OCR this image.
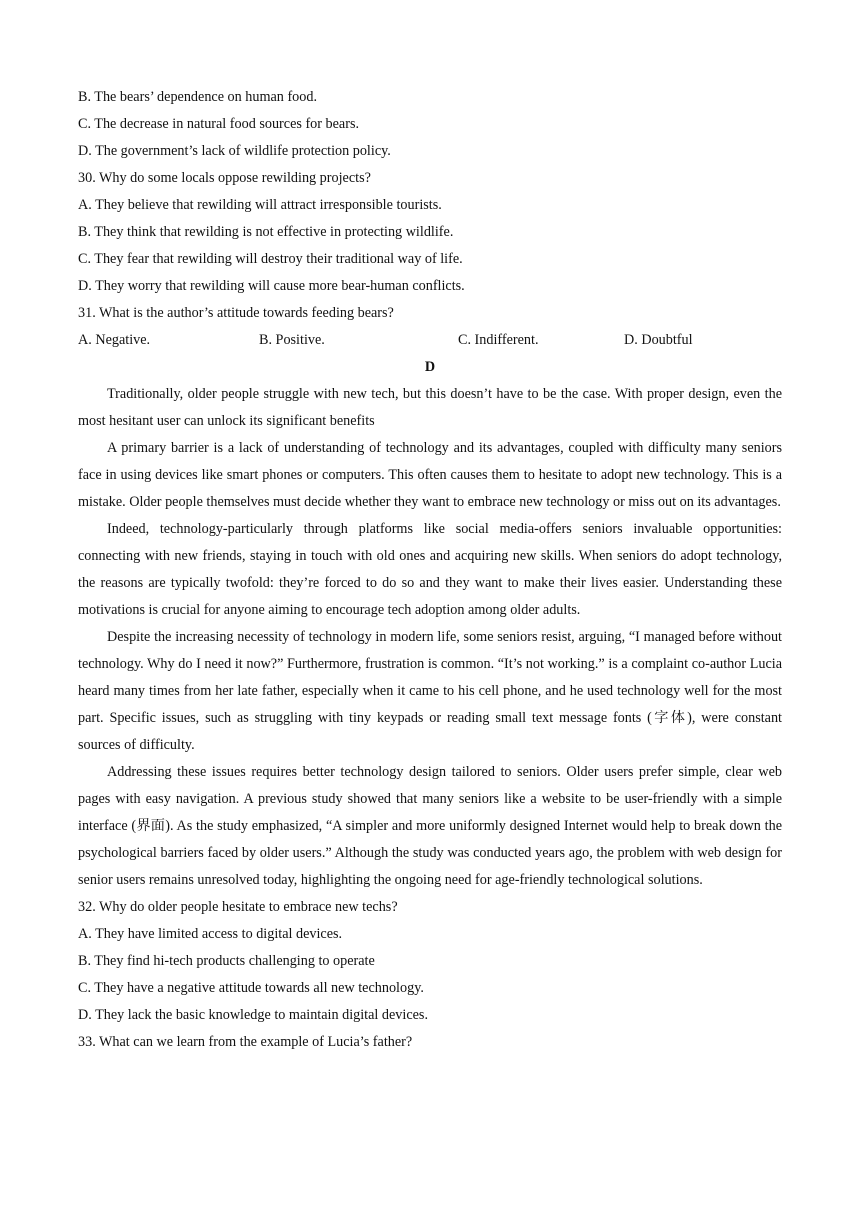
B. The bears’ dependence on human food.

C. The decrease in natural food sources for bears.

D. The government’s lack of wildlife protection policy.

30. Why do some locals oppose rewilding projects?

A. They believe that rewilding will attract irresponsible tourists.

B. They think that rewilding is not effective in protecting wildlife.

C. They fear that rewilding will destroy their traditional way of life.

D. They worry that rewilding will cause more bear-human conflicts.

31. What is the author’s attitude towards feeding bears?

A. Negative.	B. Positive.	C. Indifferent.	D. Doubtful

D

Traditionally, older people struggle with new tech, but this doesn’t have to be the case. With proper design, even the most hesitant user can unlock its significant benefits

A primary barrier is a lack of understanding of technology and its advantages, coupled with difficulty many seniors face in using devices like smart phones or computers. This often causes them to hesitate to adopt new technology. This is a mistake. Older people themselves must decide whether they want to embrace new technology or miss out on its advantages.

Indeed, technology-particularly through platforms like social media-offers seniors invaluable opportunities: connecting with new friends, staying in touch with old ones and acquiring new skills. When seniors do adopt technology, the reasons are typically twofold: they’re forced to do so and they want to make their lives easier. Understanding these motivations is crucial for anyone aiming to encourage tech adoption among older adults.

Despite the increasing necessity of technology in modern life, some seniors resist, arguing, “I managed before without technology. Why do I need it now?” Furthermore, frustration is common. “It’s not working.” is a complaint co-author Lucia heard many times from her late father, especially when it came to his cell phone, and he used technology well for the most part. Specific issues, such as struggling with tiny keypads or reading small text message fonts (字体), were constant sources of difficulty.

Addressing these issues requires better technology design tailored to seniors. Older users prefer simple, clear web pages with easy navigation. A previous study showed that many seniors like a website to be user-friendly with a simple interface (界面). As the study emphasized, “A simpler and more uniformly designed Internet would help to break down the psychological barriers faced by older users.” Although the study was conducted years ago, the problem with web design for senior users remains unresolved today, highlighting the ongoing need for age-friendly technological solutions.

32. Why do older people hesitate to embrace new techs?

A. They have limited access to digital devices.

B. They find hi-tech products challenging to operate

C. They have a negative attitude towards all new technology.

D. They lack the basic knowledge to maintain digital devices.

33. What can we learn from the example of Lucia’s father?
